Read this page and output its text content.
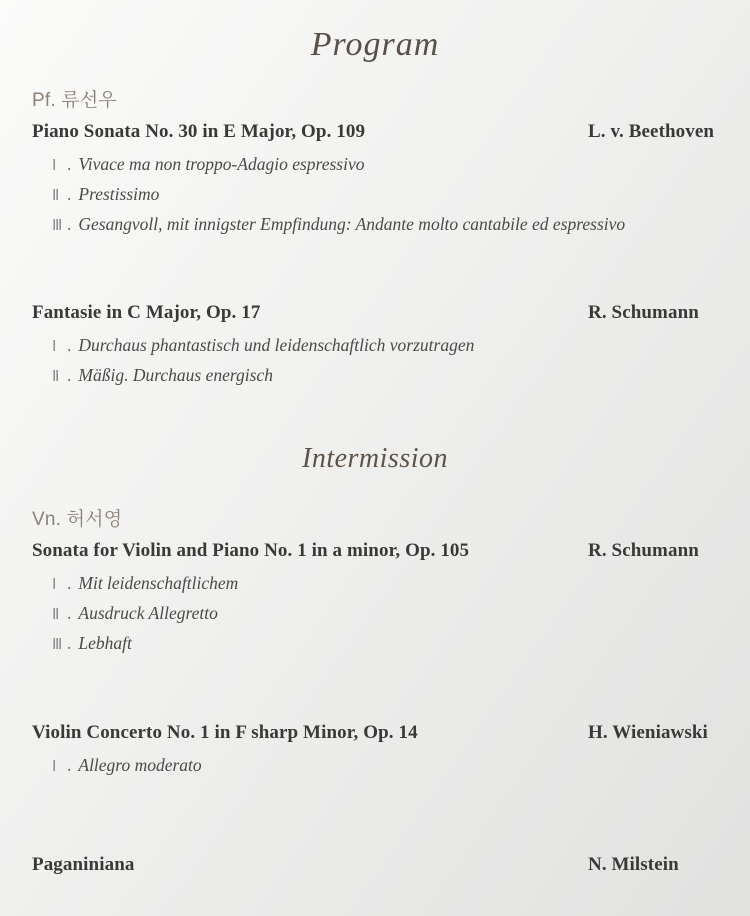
Program
Pf. 류선우
Piano Sonata No. 30 in E Major, Op. 109	L. v. Beethoven
Ⅰ . Vivace ma non troppo-Adagio espressivo
Ⅱ . Prestissimo
Ⅲ . Gesangvoll, mit innigster Empfindung: Andante molto cantabile ed espressivo
Fantasie in C Major, Op. 17	R. Schumann
Ⅰ . Durchaus phantastisch und leidenschaftlich vorzutragen
Ⅱ . Mäßig. Durchaus energisch
Intermission
Vn. 허서영
Sonata for Violin and Piano No. 1 in a minor, Op. 105	R. Schumann
Ⅰ . Mit leidenschaftlichem
Ⅱ . Ausdruck Allegretto
Ⅲ . Lebhaft
Violin Concerto No. 1 in F sharp Minor, Op. 14	H. Wieniawski
Ⅰ . Allegro moderato
Paganiniana	N. Milstein
